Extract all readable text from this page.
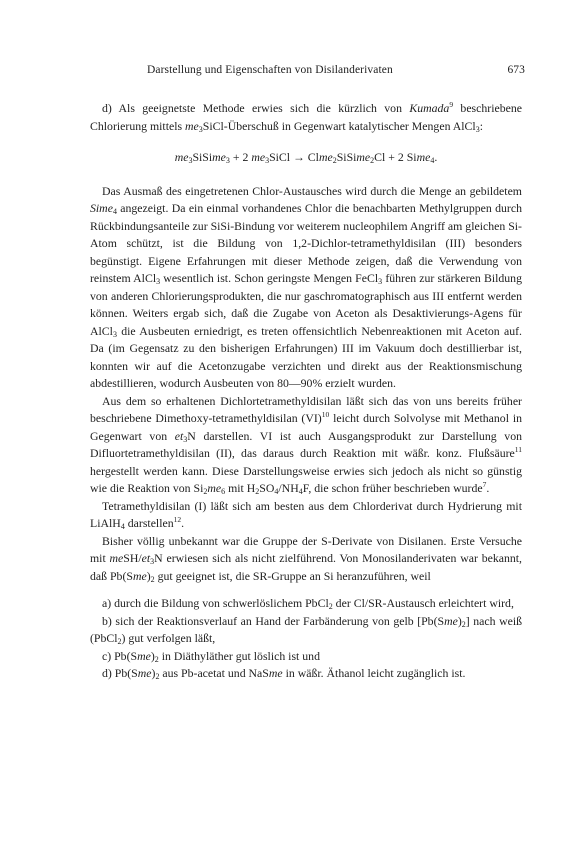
Darstellung und Eigenschaften von Disilanderivaten	673

d) Als geeignetste Methode erwies sich die kürzlich von Kumada$^9$ beschriebene Chlorierung mittels $me_3SiCl$-Überschuß in Gegenwart katalytischer Mengen AlCl$_3$:

$me_3SiSime_3 + 2$ $me_3SiCl$ → Clme$_2$SiSime$_2$Cl + 2 Sime$_4$.

Das Ausmaß des eingetretenen Chlor-Austausches wird durch die Menge an gebildetem Sime$_4$ angezeigt. Da ein einmal vorhandenes Chlor die benachbarten Methylgruppen durch Rückbindungsanteile zur SiSi-Bindung vor weiterem nucleophilem Angriff am gleichen Si-Atom schützt, ist die Bildung von 1,2-Dichlor-tetramethyldisilan (III) besonders begünstigt. Eigene Erfahrungen mit dieser Methode zeigen, daß die Verwendung von reinstem AlCl$_3$ wesentlich ist. Schon geringste Mengen FeCl$_3$ führen zur stärkeren Bildung von anderen Chlorierungsprodukten, die nur gaschromatographisch aus III entfernt werden können. Weiters ergab sich, daß die Zugabe von Aceton als Desaktivierungs-Agens für AlCl$_3$ die Ausbeuten erniedrigt, es treten offensichtlich Nebenreaktionen mit Aceton auf. Da (im Gegensatz zu den bisherigen Erfahrungen) III im Vakuum doch destillierbar ist, konnten wir auf die Acetonzugabe verzichten und direkt aus der Reaktionsmischung abdestillieren, wodurch Ausbeuten von 80—90% erzielt wurden.

Aus dem so erhaltenen Dichlortetramethyldisilan läßt sich das von uns bereits früher beschriebene Dimethoxy-tetramethyldisilan (VI)$^{10}$ leicht durch Solvolyse mit Methanol in Gegenwart von $et_3N$ darstellen. VI ist auch Ausgangsprodukt zur Darstellung von Difluortetramethyldisilan (II), das daraus durch Reaktion mit wäßr. konz. Flußsäure$^{11}$ hergestellt werden kann. Diese Darstellungsweise erwies sich jedoch als nicht so günstig wie die Reaktion von $Si_2me_6$ mit $H_2SO_4/NH_4F$, die schon früher beschrieben wurde$^7$.

Tetramethyldisilan (I) läßt sich am besten aus dem Chlorderivat durch Hydrierung mit LiAlH$_4$ darstellen$^{12}$.

Bisher völlig unbekannt war die Gruppe der S-Derivate von Disilanen. Erste Versuche mit meSH/$et_3N$ erwiesen sich als nicht zielführend. Von Monosilanderivaten war bekannt, daß $Pb(Sme)_2$ gut geeignet ist, die SR-Gruppe an Si heranzuführen, weil

a) durch die Bildung von schwerlöslichem PbCl$_2$ der Cl/SR-Austausch erleichtert wird,

b) sich der Reaktionsverlauf an Hand der Farbänderung von gelb $[Pb(Sme)_2]$ nach weiß (PbCl$_2$) gut verfolgen läßt,

c) $Pb(Sme)_2$ in Diäthyläther gut löslich ist und

d) $Pb(Sme)_2$ aus Pb-acetat und NaSme in wäßr. Äthanol leicht zugänglich ist.
